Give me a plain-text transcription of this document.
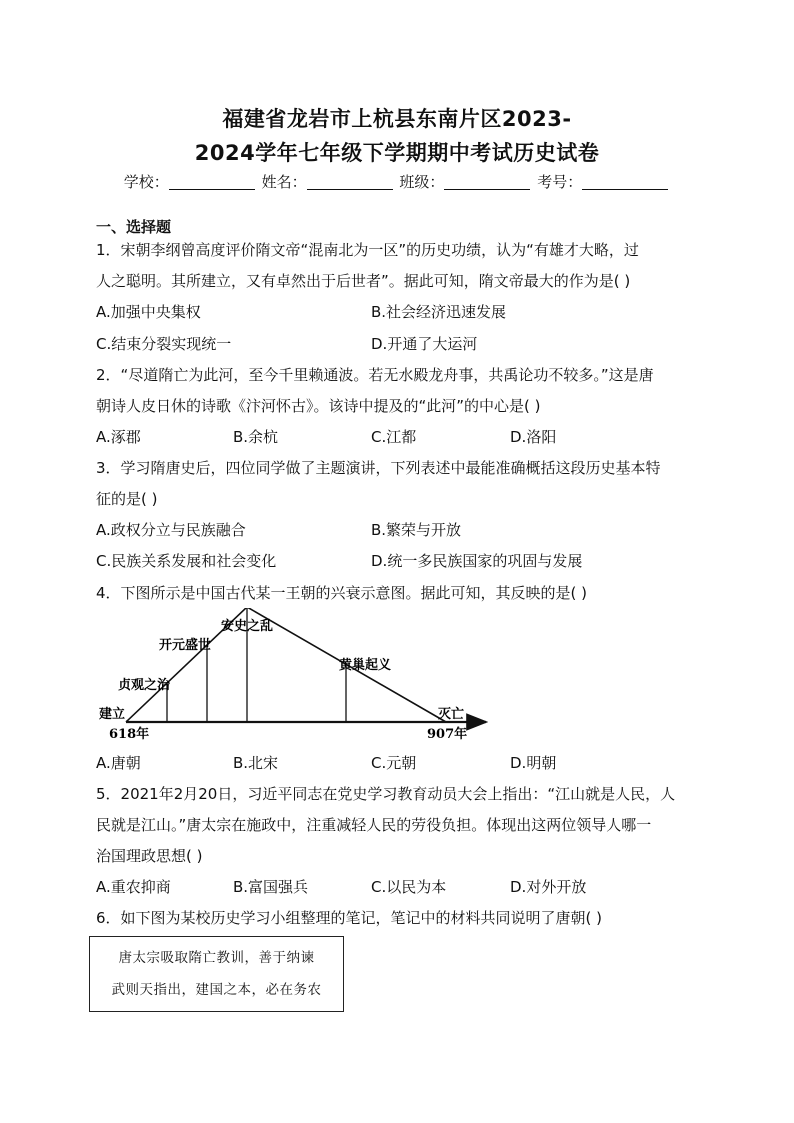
福建省龙岩市上杭县东南片区2023-
2024学年七年级下学期期中考试历史试卷
学校：	姓名：	班级：	考号：
一、选择题
1．宋朝李纲曾高度评价隋文帝“混南北为一区”的历史功绩，认为“有雄才大略，过
人之聪明。其所建立，又有卓然出于后世者”。据此可知，隋文帝最大的作为是( )
A.加强中央集权	B.社会经济迅速发展
C.结束分裂实现统一	D.开通了大运河
2．“尽道隋亡为此河，至今千里赖通波。若无水殿龙舟事，共禹论功不较多。”这是唐
朝诗人皮日休的诗歌《汴河怀古》。该诗中提及的“此河”的中心是( )
A.涿郡	B.余杭	C.江都	D.洛阳
3．学习隋唐史后，四位同学做了主题演讲，下列表述中最能准确概括这段历史基本特
征的是( )
A.政权分立与民族融合	B.繁荣与开放
C.民族关系发展和社会变化	D.统一多民族国家的巩固与发展
4．下图所示是中国古代某一王朝的兴衰示意图。据此可知，其反映的是( )
建立
618年
贞观之治
开元盛世
安史之乱
黄巢起义
灭亡
907年
A.唐朝	B.北宋	C.元朝	D.明朝
5．2021年2月20日，习近平同志在党史学习教育动员大会上指出：“江山就是人民，人
民就是江山。”唐太宗在施政中，注重减轻人民的劳役负担。体现出这两位领导人哪一
治国理政思想( )
A.重农抑商	B.富国强兵	C.以民为本	D.对外开放
6．如下图为某校历史学习小组整理的笔记，笔记中的材料共同说明了唐朝( )
唐太宗吸取隋亡教训，善于纳谏
武则天指出，建国之本，必在务农
